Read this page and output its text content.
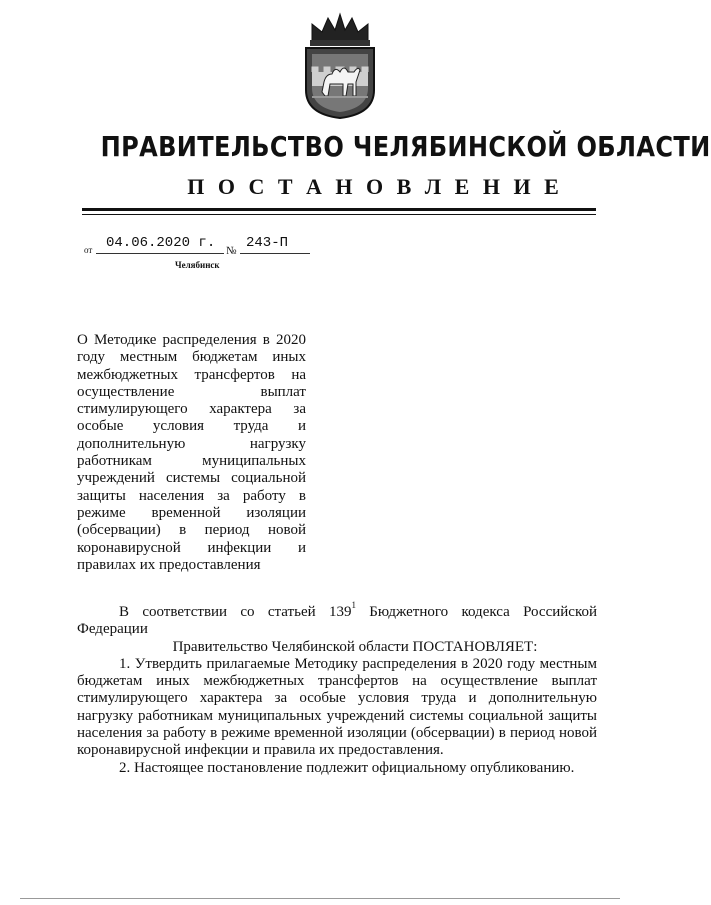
ПРАВИТЕЛЬСТВО ЧЕЛЯБИНСКОЙ ОБЛАСТИ
П О С Т А Н О В Л Е Н И Е
от 04.06.2020 г. № 243-П
Челябинск
О Методике распределения в 2020 году местным бюджетам иных межбюджетных трансфертов на осуществление выплат стимулирующего характера за особые условия труда и дополнительную нагрузку работникам муниципальных учреждений системы социальной защиты населения за работу в режиме временной изоляции (обсервации) в период новой коронавирусной инфекции и правилах их предоставления

В соответствии со статьей $139^1$ Бюджетного кодекса Российской Федерации

Правительство Челябинской области ПОСТАНОВЛЯЕТ:

1. Утвердить прилагаемые Методику распределения в 2020 году местным бюджетам иных межбюджетных трансфертов на осуществление выплат стимулирующего характера за особые условия труда и дополнительную нагрузку работникам муниципальных учреждений системы социальной защиты населения за работу в режиме временной изоляции (обсервации) в период новой коронавирусной инфекции и правила их предоставления.

2. Настоящее постановление подлежит официальному опубликованию.
